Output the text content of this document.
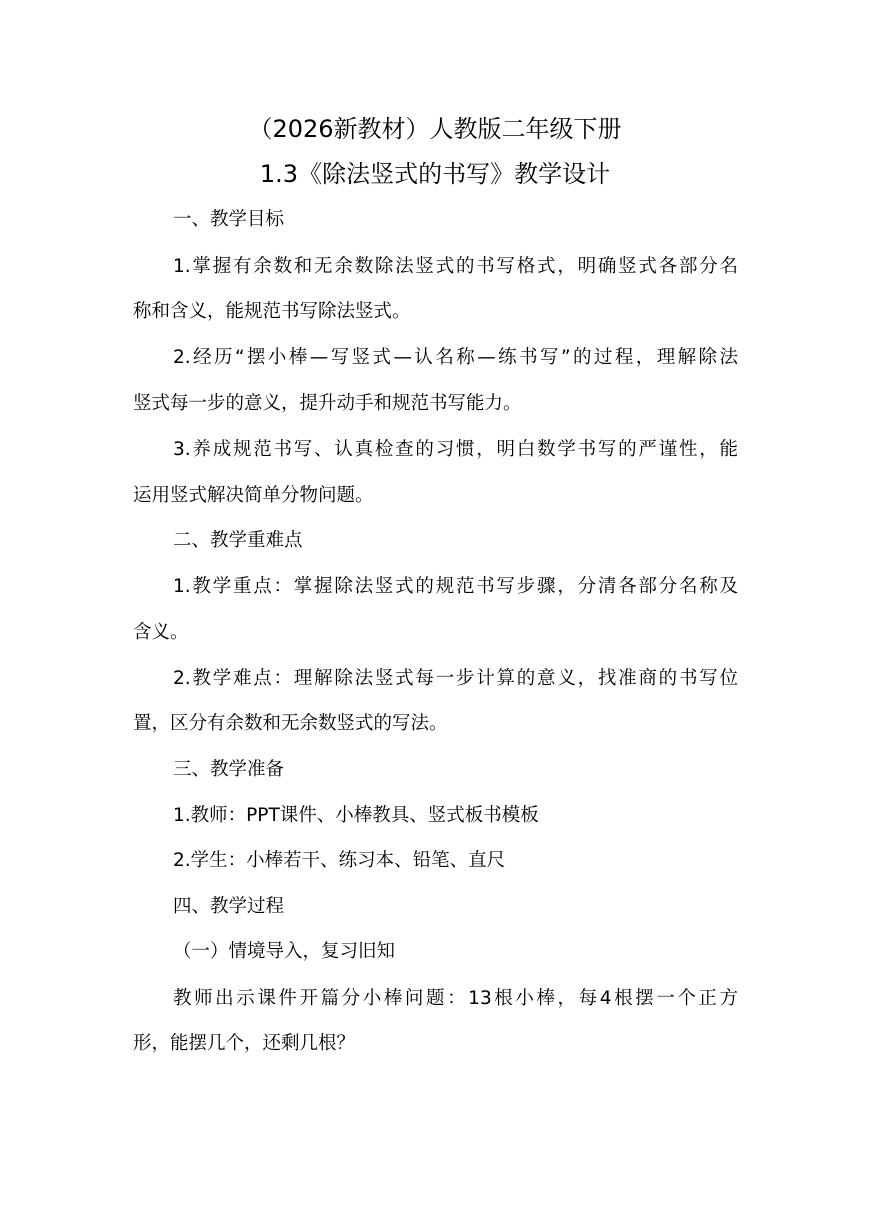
（2026新教材）人教版二年级下册
1.3《除法竖式的书写》教学设计
一、教学目标
1.掌握有余数和无余数除法竖式的书写格式，明确竖式各部分名
称和含义，能规范书写除法竖式。
2.经历“摆小棒—写竖式—认名称—练书写”的过程，理解除法
竖式每一步的意义，提升动手和规范书写能力。
3.养成规范书写、认真检查的习惯，明白数学书写的严谨性，能
运用竖式解决简单分物问题。
二、教学重难点
1.教学重点：掌握除法竖式的规范书写步骤，分清各部分名称及
含义。
2.教学难点：理解除法竖式每一步计算的意义，找准商的书写位
置，区分有余数和无余数竖式的写法。
三、教学准备
1.教师：PPT课件、小棒教具、竖式板书模板
2.学生：小棒若干、练习本、铅笔、直尺
四、教学过程
（一）情境导入，复习旧知
教师出示课件开篇分小棒问题：13根小棒，每4根摆一个正方
形，能摆几个，还剩几根？
